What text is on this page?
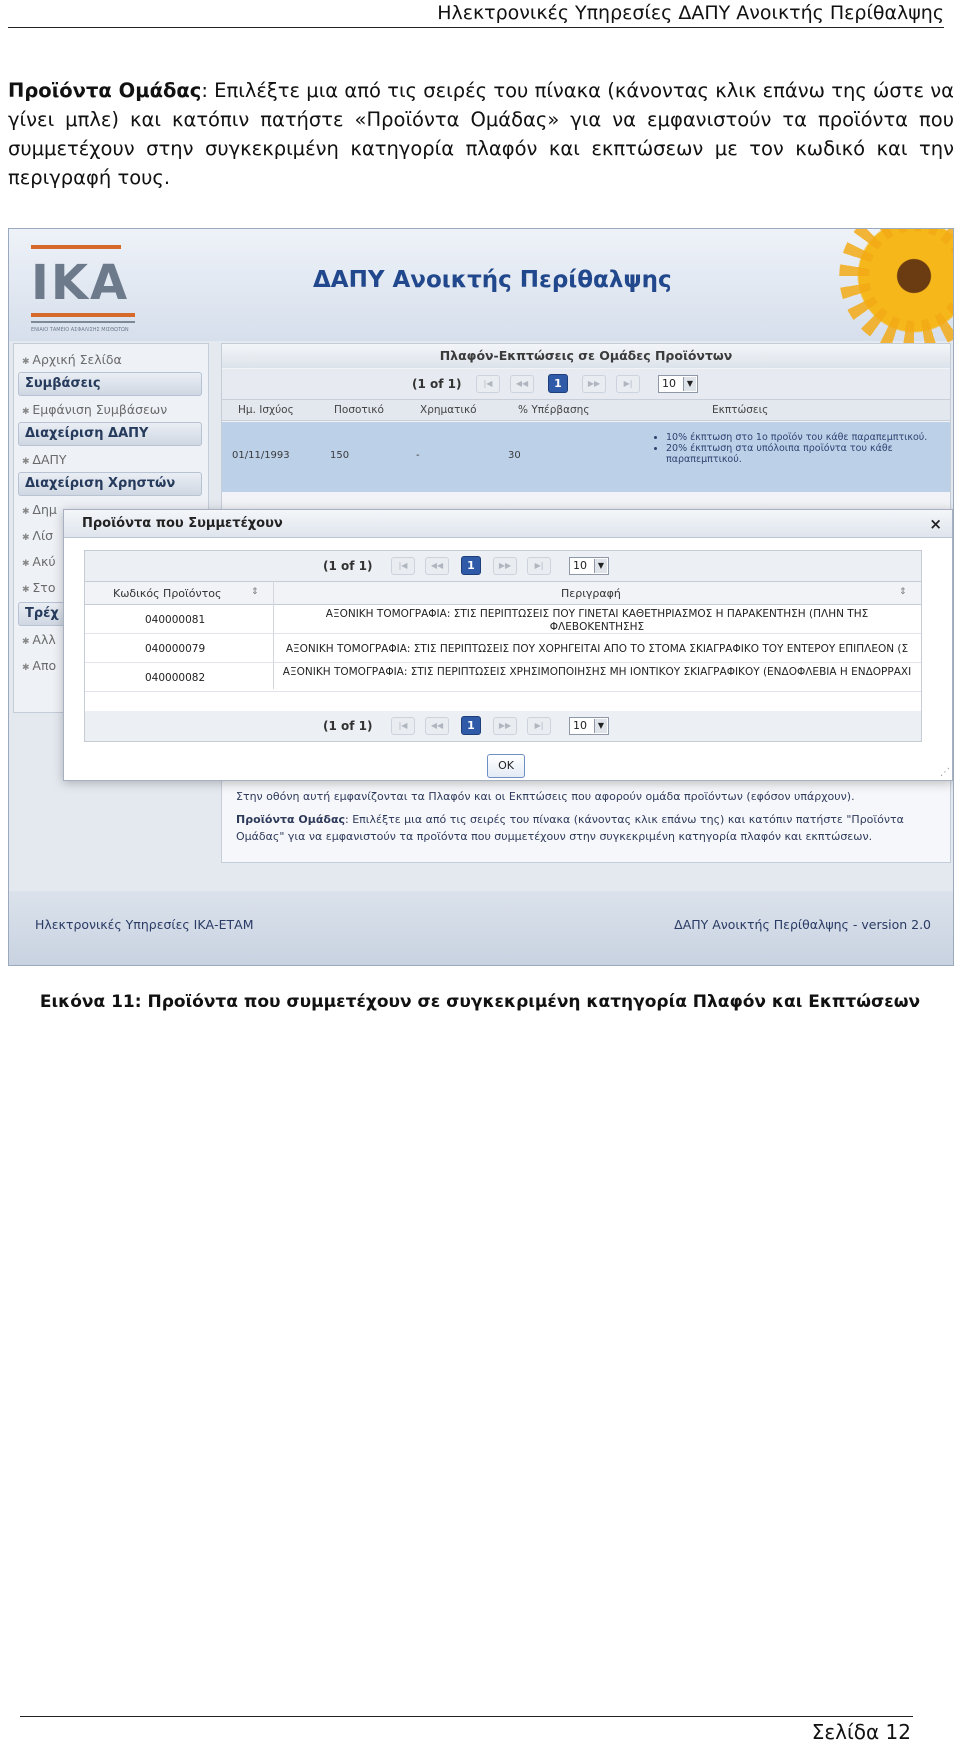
Ηλεκτρονικές Υπηρεσίες ΔΑΠΥ Ανοικτής Περίθαλψης

Προϊόντα Ομάδας: Επιλέξτε μια από τις σειρές του πίνακα (κάνοντας κλικ επάνω της ώστε να γίνει μπλε) και κατόπιν πατήστε «Προϊόντα Ομάδας» για να εμφανιστούν τα προϊόντα που συμμετέχουν στην συγκεκριμένη κατηγορία πλαφόν και εκπτώσεων με τον κωδικό και την περιγραφή τους.

IKA
ΕΝΙΑΙΟ ΤΑΜΕΙΟ ΑΣΦΑΛΙΣΗΣ ΜΙΣΘΩΤΩΝ
ΔΑΠΥ Ανοικτής Περίθαλψης
✱ Αρχική Σελίδα
Συμβάσεις
✱ Εμφάνιση Συμβάσεων
Διαχείριση ΔΑΠΥ
✱ ΔΑΠΥ
Διαχείριση Χρηστών
✱ Δημ
✱ Λίσ
✱ Ακύ
✱ Στο
Τρέχ
✱ Αλλ
✱ Απο
Πλαφόν-Εκπτώσεις σε Ομάδες Προϊόντων
(1 of 1)	|◀	◀◀	1	▶▶	▶|	10	▼
Ημ. Ισχύος	Ποσοτικό	Χρηματικό	% Υπέρβασης	Εκπτώσεις
01/11/1993	150	-	30
• 10% έκπτωση στο 1ο προϊόν του κάθε παραπεμπτικού.
• 20% έκπτωση στα υπόλοιπα προϊόντα του κάθε παραπεμπτικού.
Στην οθόνη αυτή εμφανίζονται τα Πλαφόν και οι Εκπτώσεις που αφορούν ομάδα προϊόντων (εφόσον υπάρχουν).
Προϊόντα Ομάδας: Επιλέξτε μια από τις σειρές του πίνακα (κάνοντας κλικ επάνω της) και κατόπιν πατήστε "Προϊόντα Ομάδας" για να εμφανιστούν τα προϊόντα που συμμετέχουν στην συγκεκριμένη κατηγορία πλαφόν και εκπτώσεων.
Ηλεκτρονικές Υπηρεσίες ΙΚΑ-ΕΤΑΜ	ΔΑΠΥ Ανοικτής Περίθαλψης - version 2.0
Προϊόντα που Συμμετέχουν	×
(1 of 1)	|◀	◀◀	1	▶▶	▶|	10	▼
Κωδικός Προϊόντος	⇕	Περιγραφή	⇕
040000081	ΑΞΟΝΙΚΗ ΤΟΜΟΓΡΑΦΙΑ: ΣΤΙΣ ΠΕΡΙΠΤΩΣΕΙΣ ΠΟΥ ΓΙΝΕΤΑΙ ΚΑΘΕΤΗΡΙΑΣΜΟΣ Η ΠΑΡΑΚΕΝΤΗΣΗ (ΠΛΗΝ ΤΗΣ ΦΛΕΒΟΚΕΝΤΗΣΗΣ
040000079	ΑΞΟΝΙΚΗ ΤΟΜΟΓΡΑΦΙΑ: ΣΤΙΣ ΠΕΡΙΠΤΩΣΕΙΣ ΠΟΥ ΧΟΡΗΓΕΙΤΑΙ ΑΠΟ ΤΟ ΣΤΟΜΑ ΣΚΙΑΓΡΑΦΙΚΟ ΤΟΥ ΕΝΤΕΡΟΥ ΕΠΙΠΛΕΟΝ (Σ
040000082	ΑΞΟΝΙΚΗ ΤΟΜΟΓΡΑΦΙΑ: ΣΤΙΣ ΠΕΡΙΠΤΩΣΕΙΣ ΧΡΗΣΙΜΟΠΟΙΗΣΗΣ ΜΗ ΙΟΝΤΙΚΟΥ ΣΚΙΑΓΡΑΦΙΚΟΥ (ΕΝΔΟΦΛΕΒΙΑ Η ΕΝΔΟΡΡΑΧΙ
(1 of 1)	|◀	◀◀	1	▶▶	▶|	10	▼
OK
⋰
Εικόνα 11: Προϊόντα που συμμετέχουν σε συγκεκριμένη κατηγορία Πλαφόν και Εκπτώσεων
Σελίδα 12
